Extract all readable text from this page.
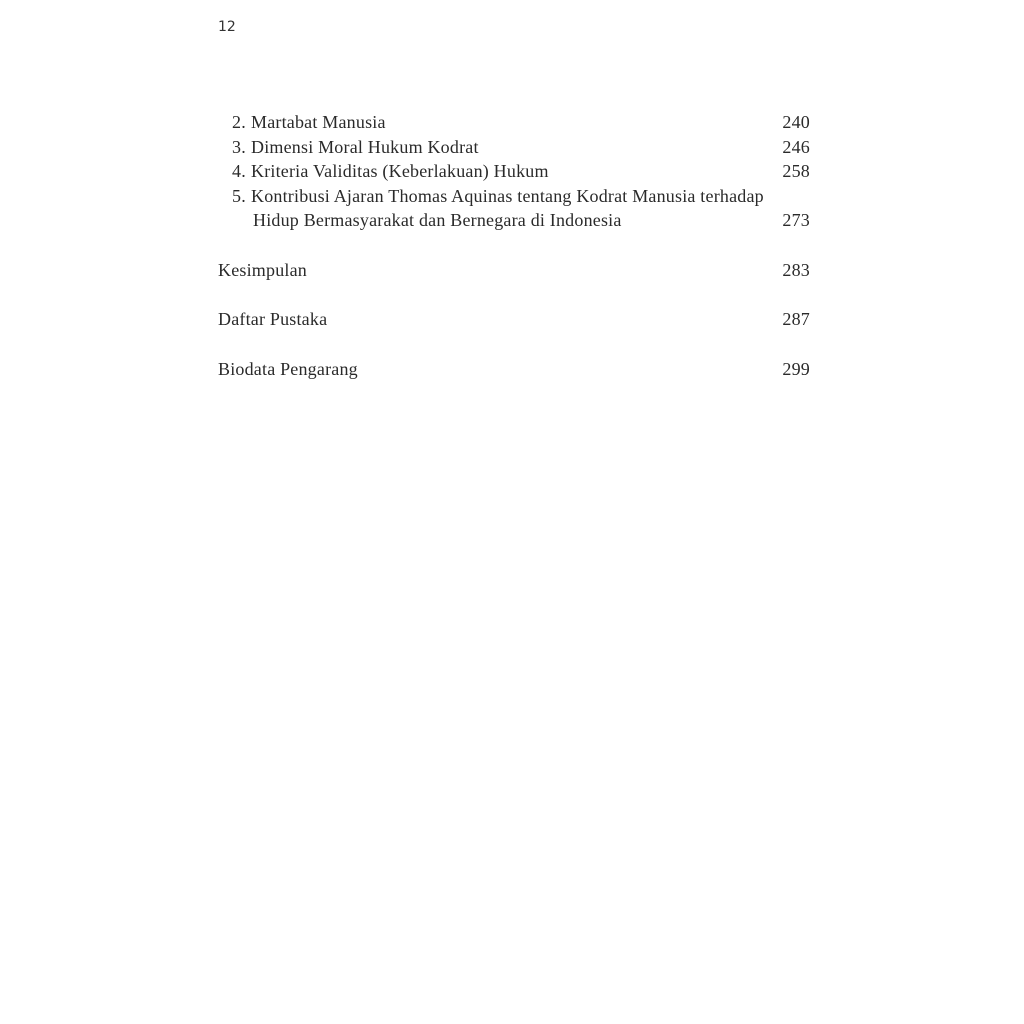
12
2. Martabat Manusia	240
3. Dimensi Moral Hukum Kodrat	246
4. Kriteria Validitas (Keberlakuan) Hukum	258
5. Kontribusi Ajaran Thomas Aquinas tentang Kodrat Manusia terhadap
Hidup Bermasyarakat dan Bernegara di Indonesia	273
Kesimpulan	283
Daftar Pustaka	287
Biodata Pengarang	299
